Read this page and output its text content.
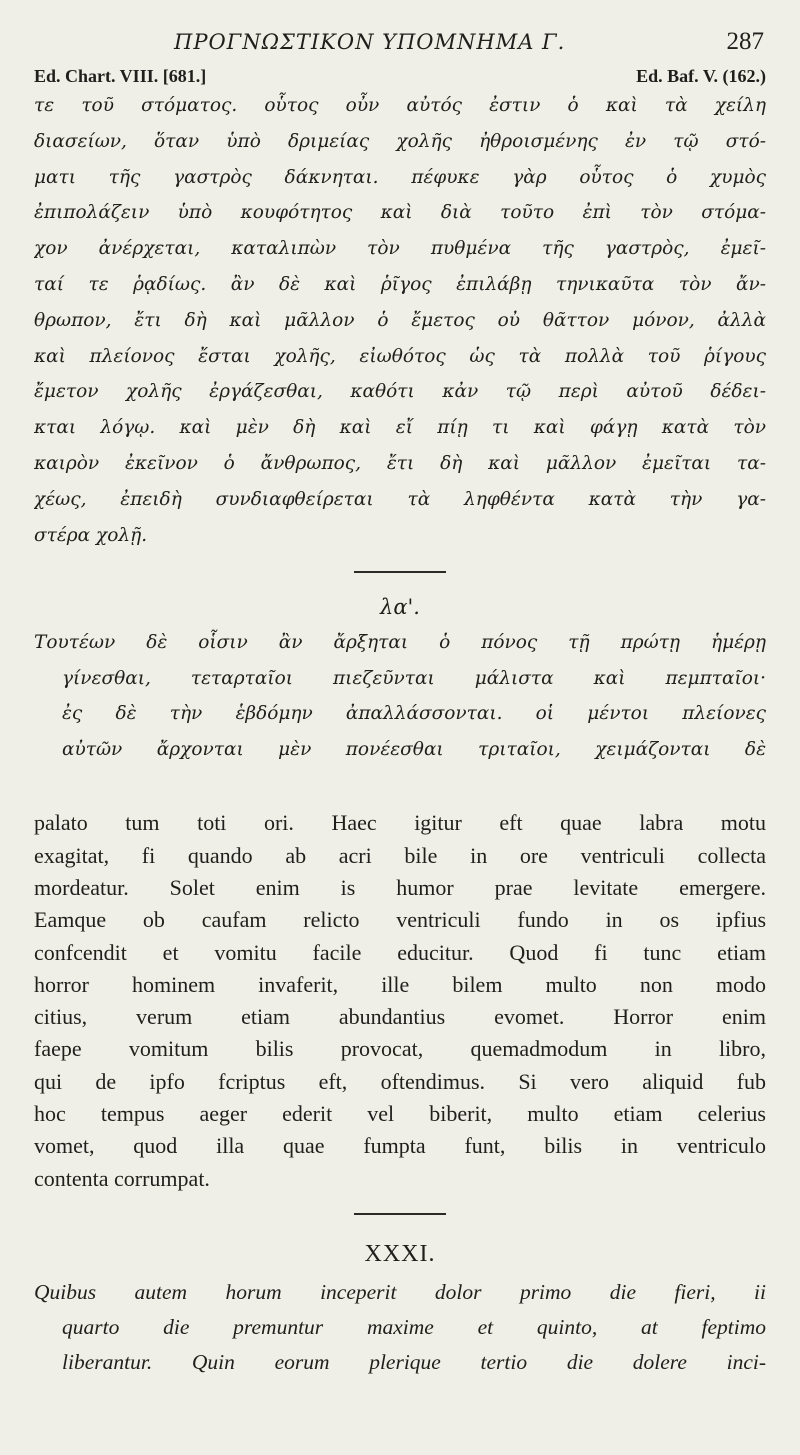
ΠΡΟΓΝΩΣΤΙΚΟΝ ΥΠΟΜΝΗΜΑ Γ.	287
Ed. Chart. VIII. [681.]	Ed. Baf. V. (162.)
τε τοῦ στόματος. οὗτος οὖν αὐτός ἐστιν ὁ καὶ τὰ χείλη
διασείων, ὅταν ὑπὸ δριμείας χολῆς ἠθροισμένης ἐν τῷ στό-
ματι τῆς γαστρὸς δάκνηται. πέφυκε γὰρ οὗτος ὁ χυμὸς
ἐπιπολάζειν ὑπὸ κουφότητος καὶ διὰ τοῦτο ἐπὶ τὸν στόμα-
χον ἀνέρχεται, καταλιπὼν τὸν πυθμένα τῆς γαστρὸς, ἐμεῖ-
ταί τε ῥᾳδίως. ἂν δὲ καὶ ῥῖγος ἐπιλάβῃ τηνικαῦτα τὸν ἄν-
θρωπον, ἔτι δὴ καὶ μᾶλλον ὁ ἔμετος οὐ θᾶττον μόνον, ἀλλὰ
καὶ πλείονος ἔσται χολῆς, εἰωθότος ὡς τὰ πολλὰ τοῦ ῥίγους
ἔμετον χολῆς ἐργάζεσθαι, καθότι κἀν τῷ περὶ αὐτοῦ δέδει-
κται λόγῳ. καὶ μὲν δὴ καὶ εἴ πίῃ τι καὶ φάγῃ κατὰ τὸν
καιρὸν ἐκεῖνον ὁ ἄνθρωπος, ἔτι δὴ καὶ μᾶλλον ἐμεῖται τα-
χέως, ἐπειδὴ συνδιαφθείρεται τὰ ληφθέντα κατὰ τὴν γα-
στέρα χολῇ.
λα'.
Τουτέων δὲ οἷσιν ἂν ἄρξηται ὁ πόνος τῇ πρώτῃ ἡμέρῃ
γίνεσθαι, τεταρταῖοι πιεζεῦνται μάλιστα καὶ πεμπταῖοι·
ἐς δὲ τὴν ἑβδόμην ἀπαλλάσσονται. οἱ μέντοι πλείονες
αὐτῶν ἄρχονται μὲν πονέεσθαι τριταῖοι, χειμάζονται δὲ
palato tum toti ori. Haec igitur eft quae labra motu
exagitat, fi quando ab acri bile in ore ventriculi collecta
mordeatur. Solet enim is humor prae levitate emergere.
Eamque ob caufam relicto ventriculi fundo in os ipfius
confcendit et vomitu facile educitur. Quod fi tunc etiam
horror hominem invaferit, ille bilem multo non modo
citius, verum etiam abundantius evomet. Horror enim
faepe vomitum bilis provocat, quemadmodum in libro,
qui de ipfo fcriptus eft, oftendimus. Si vero aliquid fub
hoc tempus aeger ederit vel biberit, multo etiam celerius
vomet, quod illa quae fumpta funt, bilis in ventriculo
contenta corrumpat.
XXXI.
Quibus autem horum inceperit dolor primo die fieri, ii
quarto die premuntur maxime et quinto, at feptimo
liberantur. Quin eorum plerique tertio die dolere inci-
